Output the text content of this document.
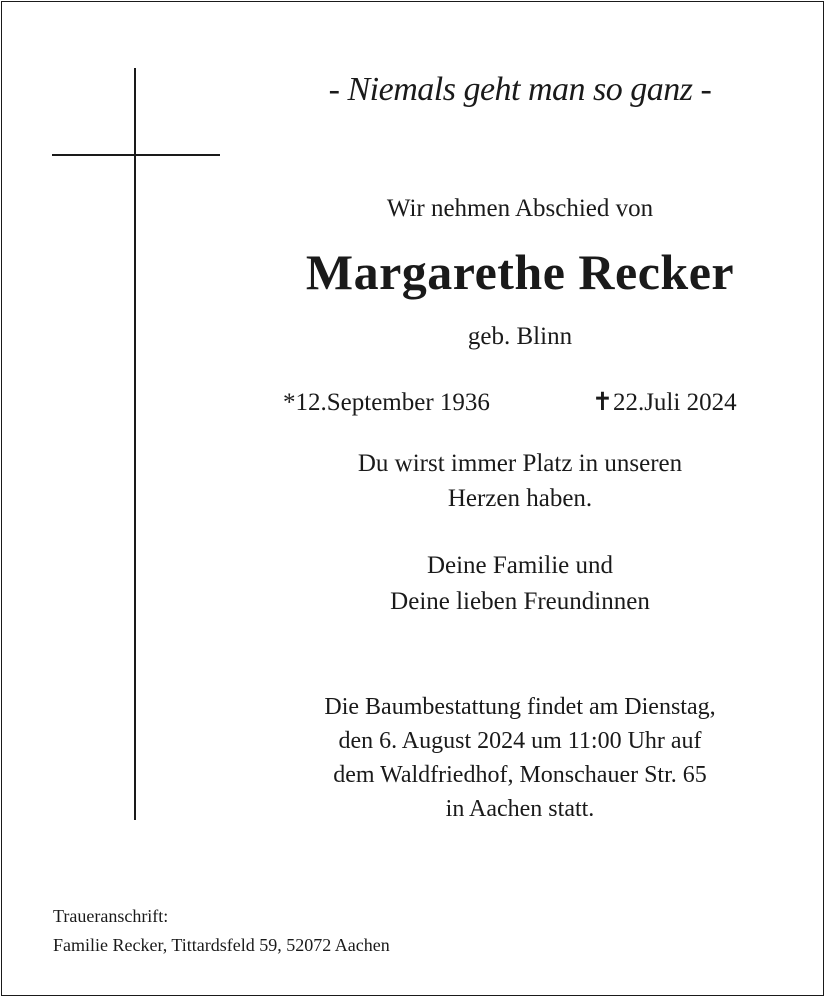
- Niemals geht man so ganz -
Wir nehmen Abschied von
Margarethe Recker
geb. Blinn
*12.September 1936	✝22.Juli 2024
Du wirst immer Platz in unseren
Herzen haben.
Deine Familie und
Deine lieben Freundinnen
Die Baumbestattung findet am Dienstag,
den 6. August 2024 um 11:00 Uhr auf
dem Waldfriedhof, Monschauer Str. 65
in Aachen statt.
Traueranschrift:
Familie Recker, Tittardsfeld 59, 52072 Aachen
